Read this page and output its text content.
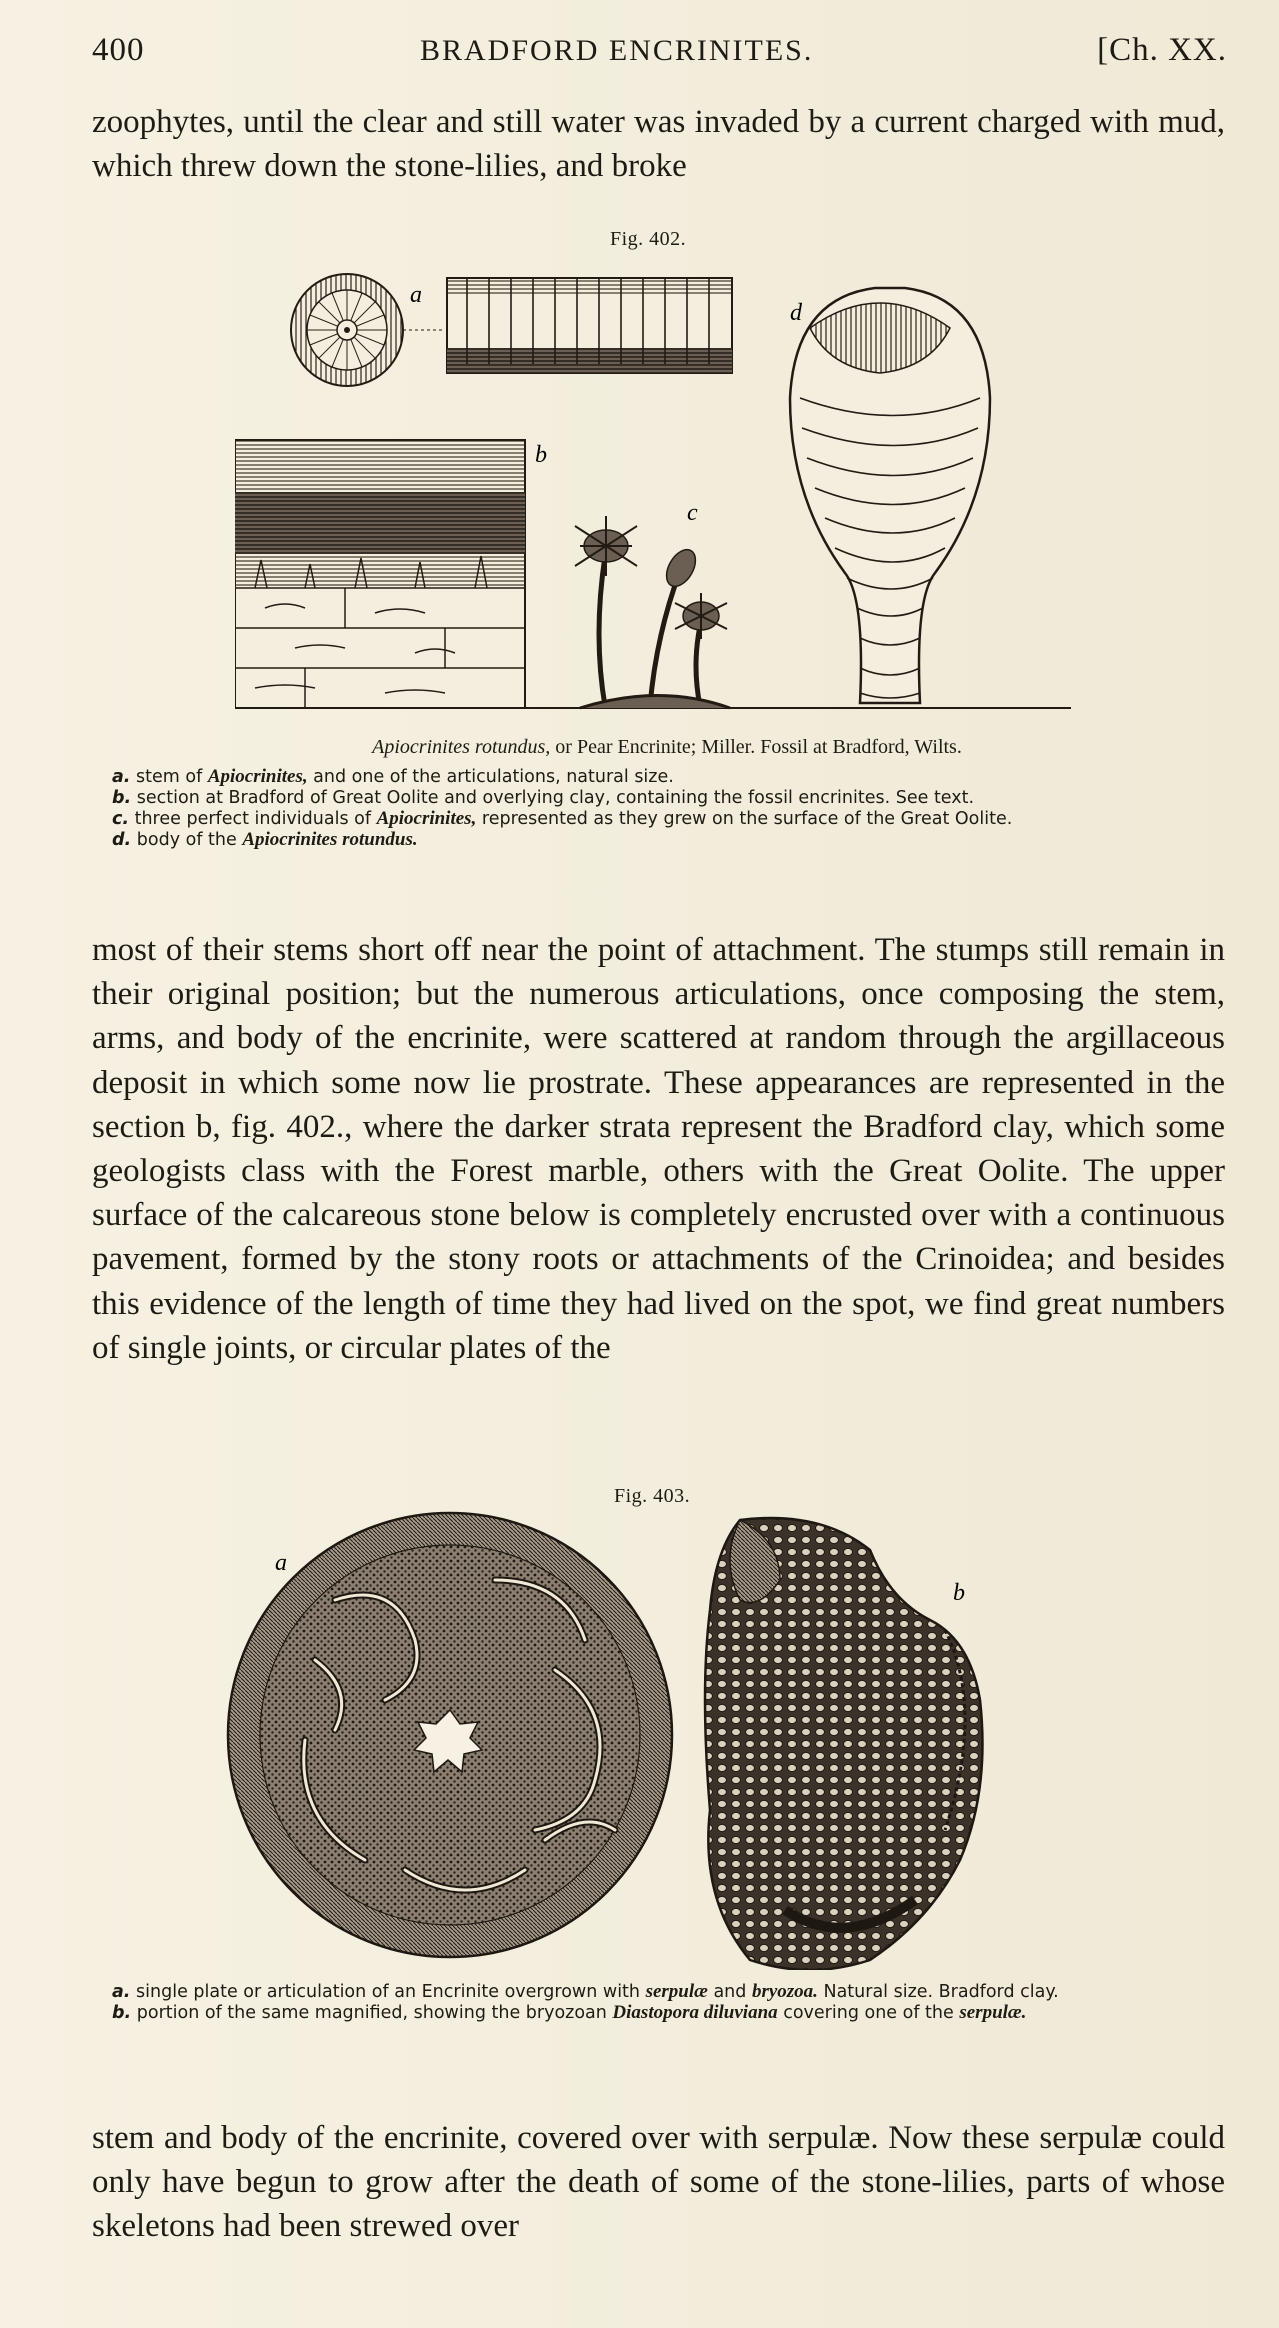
400	BRADFORD ENCRINITES.	[Ch. XX.

zoophytes, until the clear and still water was invaded by a current charged with mud, which threw down the stone-lilies, and broke

Fig. 402.
a
b
c
d
Apiocrinites rotundus, or Pear Encrinite; Miller. Fossil at Bradford, Wilts.

a. stem of Apiocrinites, and one of the articulations, natural size.

b. section at Bradford of Great Oolite and overlying clay, containing the fossil encrinites. See text.

c. three perfect individuals of Apiocrinites, represented as they grew on the surface of the Great Oolite.

d. body of the Apiocrinites rotundus.

most of their stems short off near the point of attachment. The stumps still remain in their original position; but the numerous articulations, once composing the stem, arms, and body of the encrinite, were scattered at random through the argillaceous deposit in which some now lie prostrate. These appearances are represented in the section b, fig. 402., where the darker strata represent the Bradford clay, which some geologists class with the Forest marble, others with the Great Oolite. The upper surface of the calcareous stone below is completely encrusted over with a continuous pavement, formed by the stony roots or attachments of the Crinoidea; and besides this evidence of the length of time they had lived on the spot, we find great numbers of single joints, or circular plates of the

Fig. 403.
a
b

a. single plate or articulation of an Encrinite overgrown with serpulæ and bryozoa. Natural size. Bradford clay.

b. portion of the same magnified, showing the bryozoan Diastopora diluviana covering one of the serpulæ.

stem and body of the encrinite, covered over with serpulæ. Now these serpulæ could only have begun to grow after the death of some of the stone-lilies, parts of whose skeletons had been strewed over
